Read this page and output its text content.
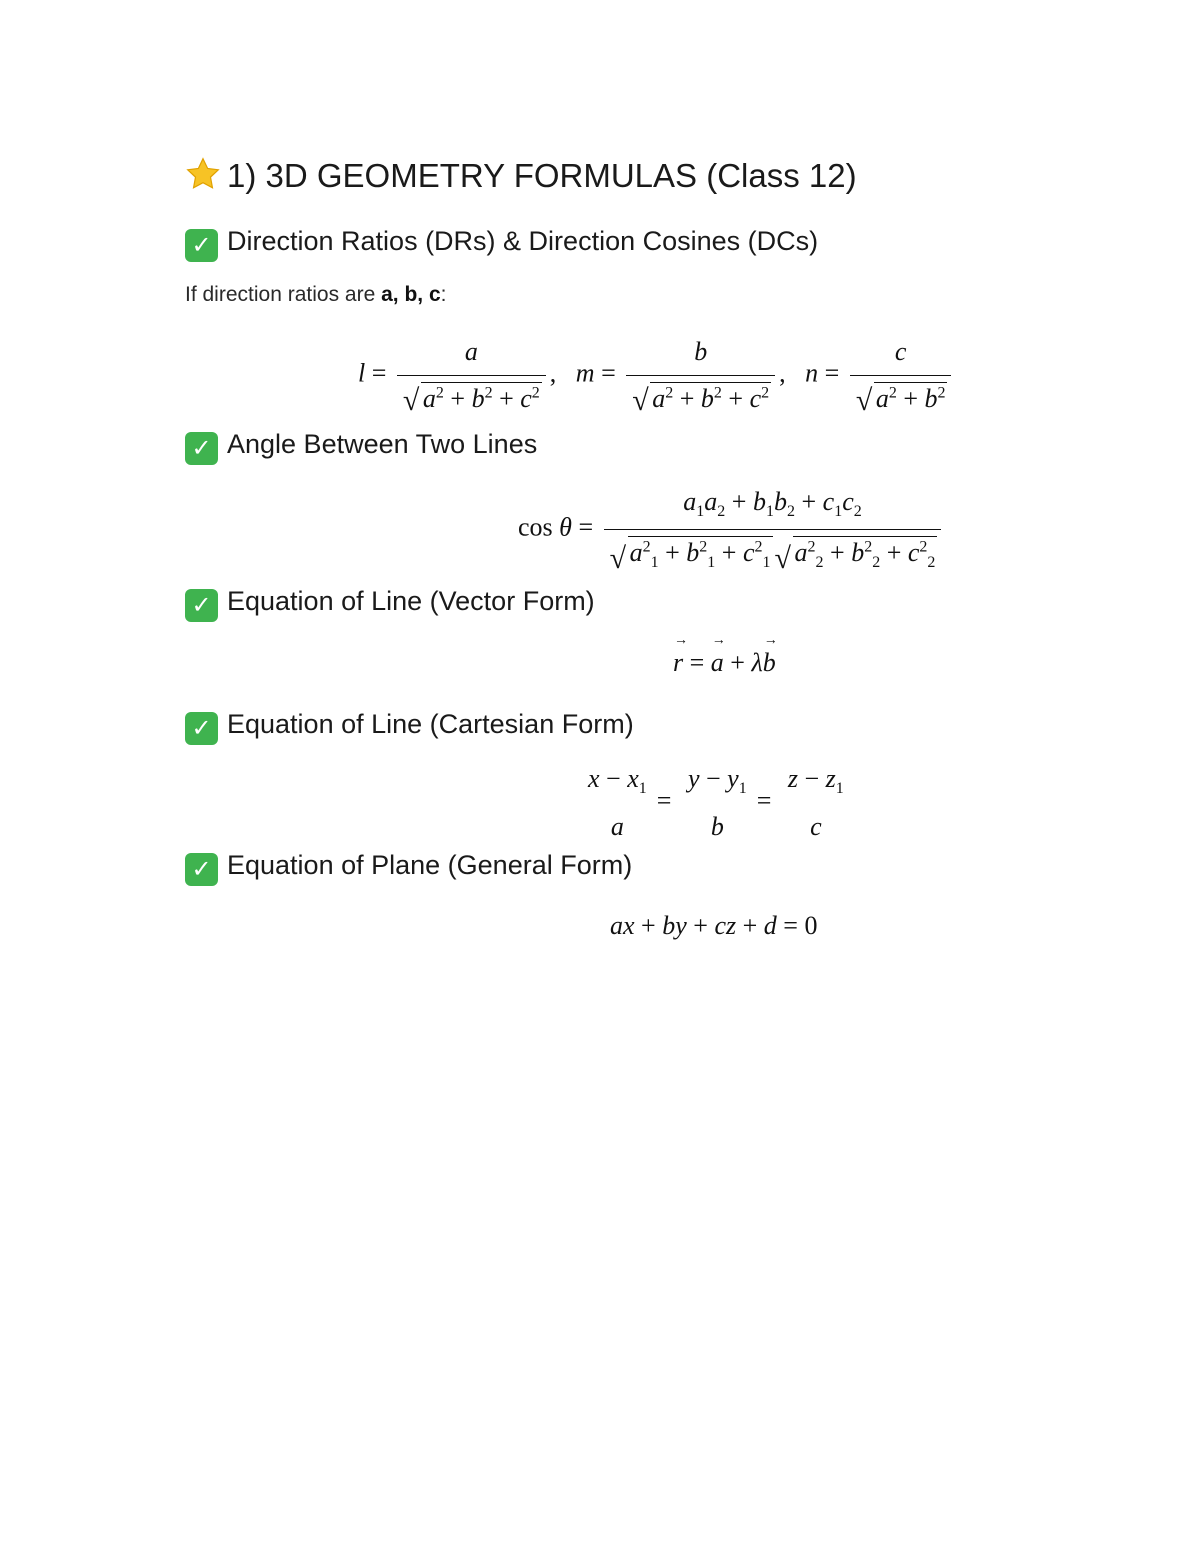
1) 3D GEOMETRY FORMULAS (Class 12)
✓ Direction Ratios (DRs) & Direction Cosines (DCs)
If direction ratios are a, b, c:
$l = \frac{a}{√ a^2 + b^2 + c^2}$ ,   $m = \frac{b}{√ a^2 + b^2 + c^2}$ ,   $n = \frac{c}{√ a^2 + b^2}$
✓ Angle Between Two Lines
$\cos \theta = \frac{a_1a_2 + b_1b_2 + c_1c_2}{√ a^2_1 + b^2_1 + c^2_1 √ a^2_2 + b^2_2 + c^2_2}$
✓ Equation of Line (Vector Form)
r → = a → + λb →
✓ Equation of Line (Cartesian Form)
$x - x_1$
a
=
$y - y_1$
b
=
$z - z_1$
c
✓ Equation of Plane (General Form)
ax + by + cz + d = 0
